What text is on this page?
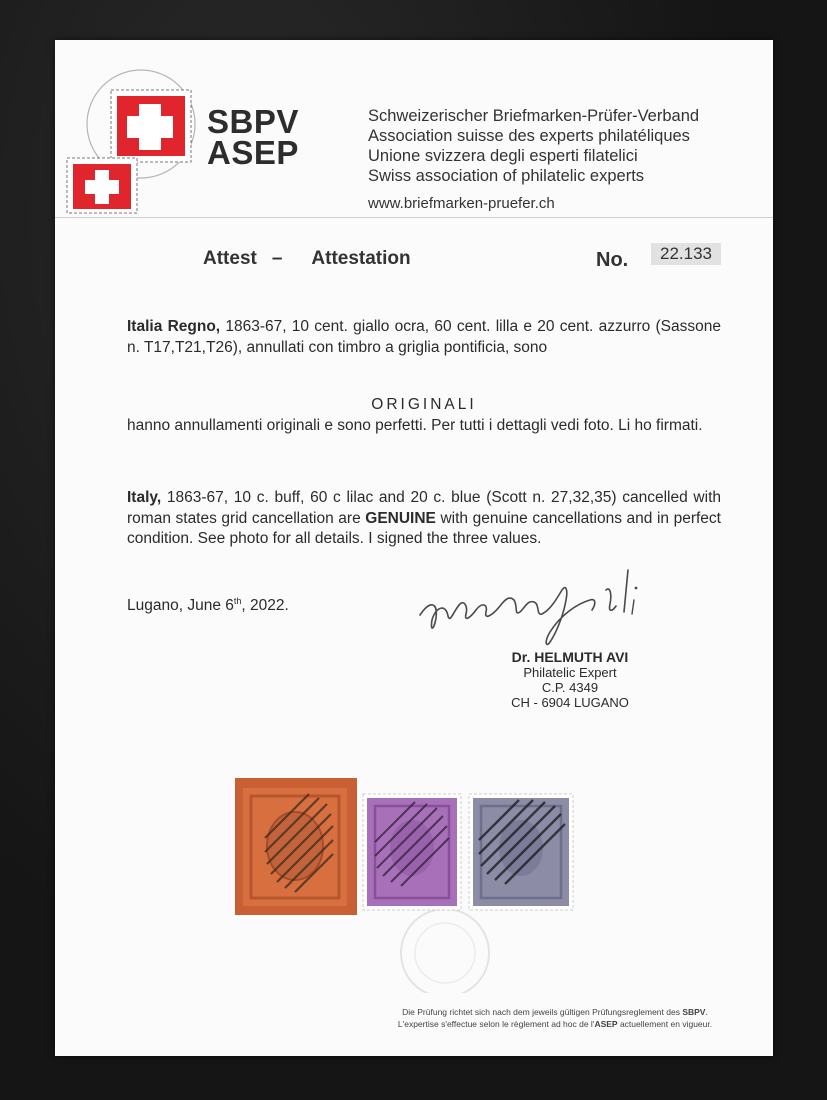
SBPV
ASEP
Schweizerischer Briefmarken-Prüfer-Verband
Association suisse des experts philatéliques
Unione svizzera degli esperti filatelici
Swiss association of philatelic experts
www.briefmarken-pruefer.ch
Attest – Attestation	No.	22.133
Italia Regno, 1863-67, 10 cent. giallo ocra, 60 cent. lilla e 20 cent. azzurro (Sassone n. T17,T21,T26), annullati con timbro a griglia pontificia, sono
ORIGINALI
hanno annullamenti originali e sono perfetti. Per tutti i dettagli vedi foto. Li ho firmati.
Italy, 1863-67, 10 c. buff, 60 c lilac and 20 c. blue (Scott n. 27,32,35) cancelled with roman states grid cancellation are GENUINE with genuine cancellations and in perfect condition. See photo for all details. I signed the three values.
Lugano, June 6th, 2022.
Dr. HELMUTH AVI
Philatelic Expert
C.P. 4349
CH - 6904 LUGANO
Die Prüfung richtet sich nach dem jeweils gültigen Prüfungsreglement des SBPV.
L'expertise s'effectue selon le règlement ad hoc de l'ASEP actuellement en vigueur.
